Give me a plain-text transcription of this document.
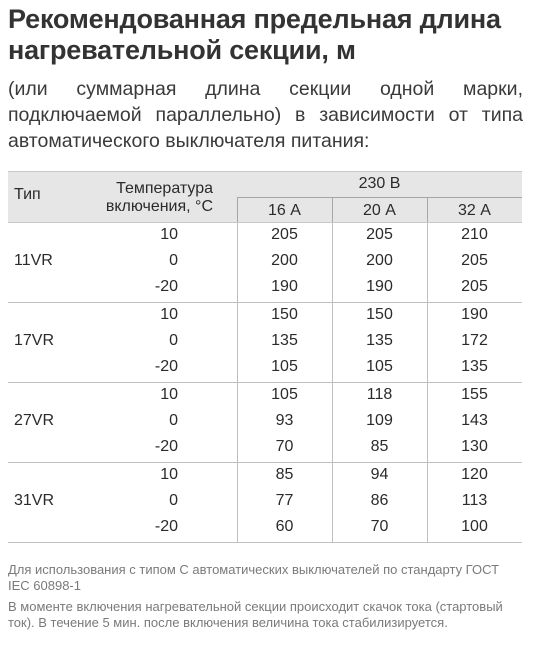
Рекомендованная предельная длина нагревательной секции, м
(или суммарная длина секции одной марки, подключаемой параллельно) в зависимости от типа автоматического выключателя питания:
Тип	Температура
включения, °С
230 В
16 А	20 А	32 А
11VR
10	205	205	210
0	200	200	205
-20	190	190	205
17VR
10	150	150	190
0	135	135	172
-20	105	105	135
27VR
10	105	118	155
0	93	109	143
-20	70	85	130
31VR
10	85	94	120
0	77	86	113
-20	60	70	100
Для использования с типом С автоматических выключателей по стандарту ГОСТ IEC 60898-1
В моменте включения нагревательной секции происходит скачок тока (стартовый ток). В течение 5 мин. после включения величина тока стабилизируется.
